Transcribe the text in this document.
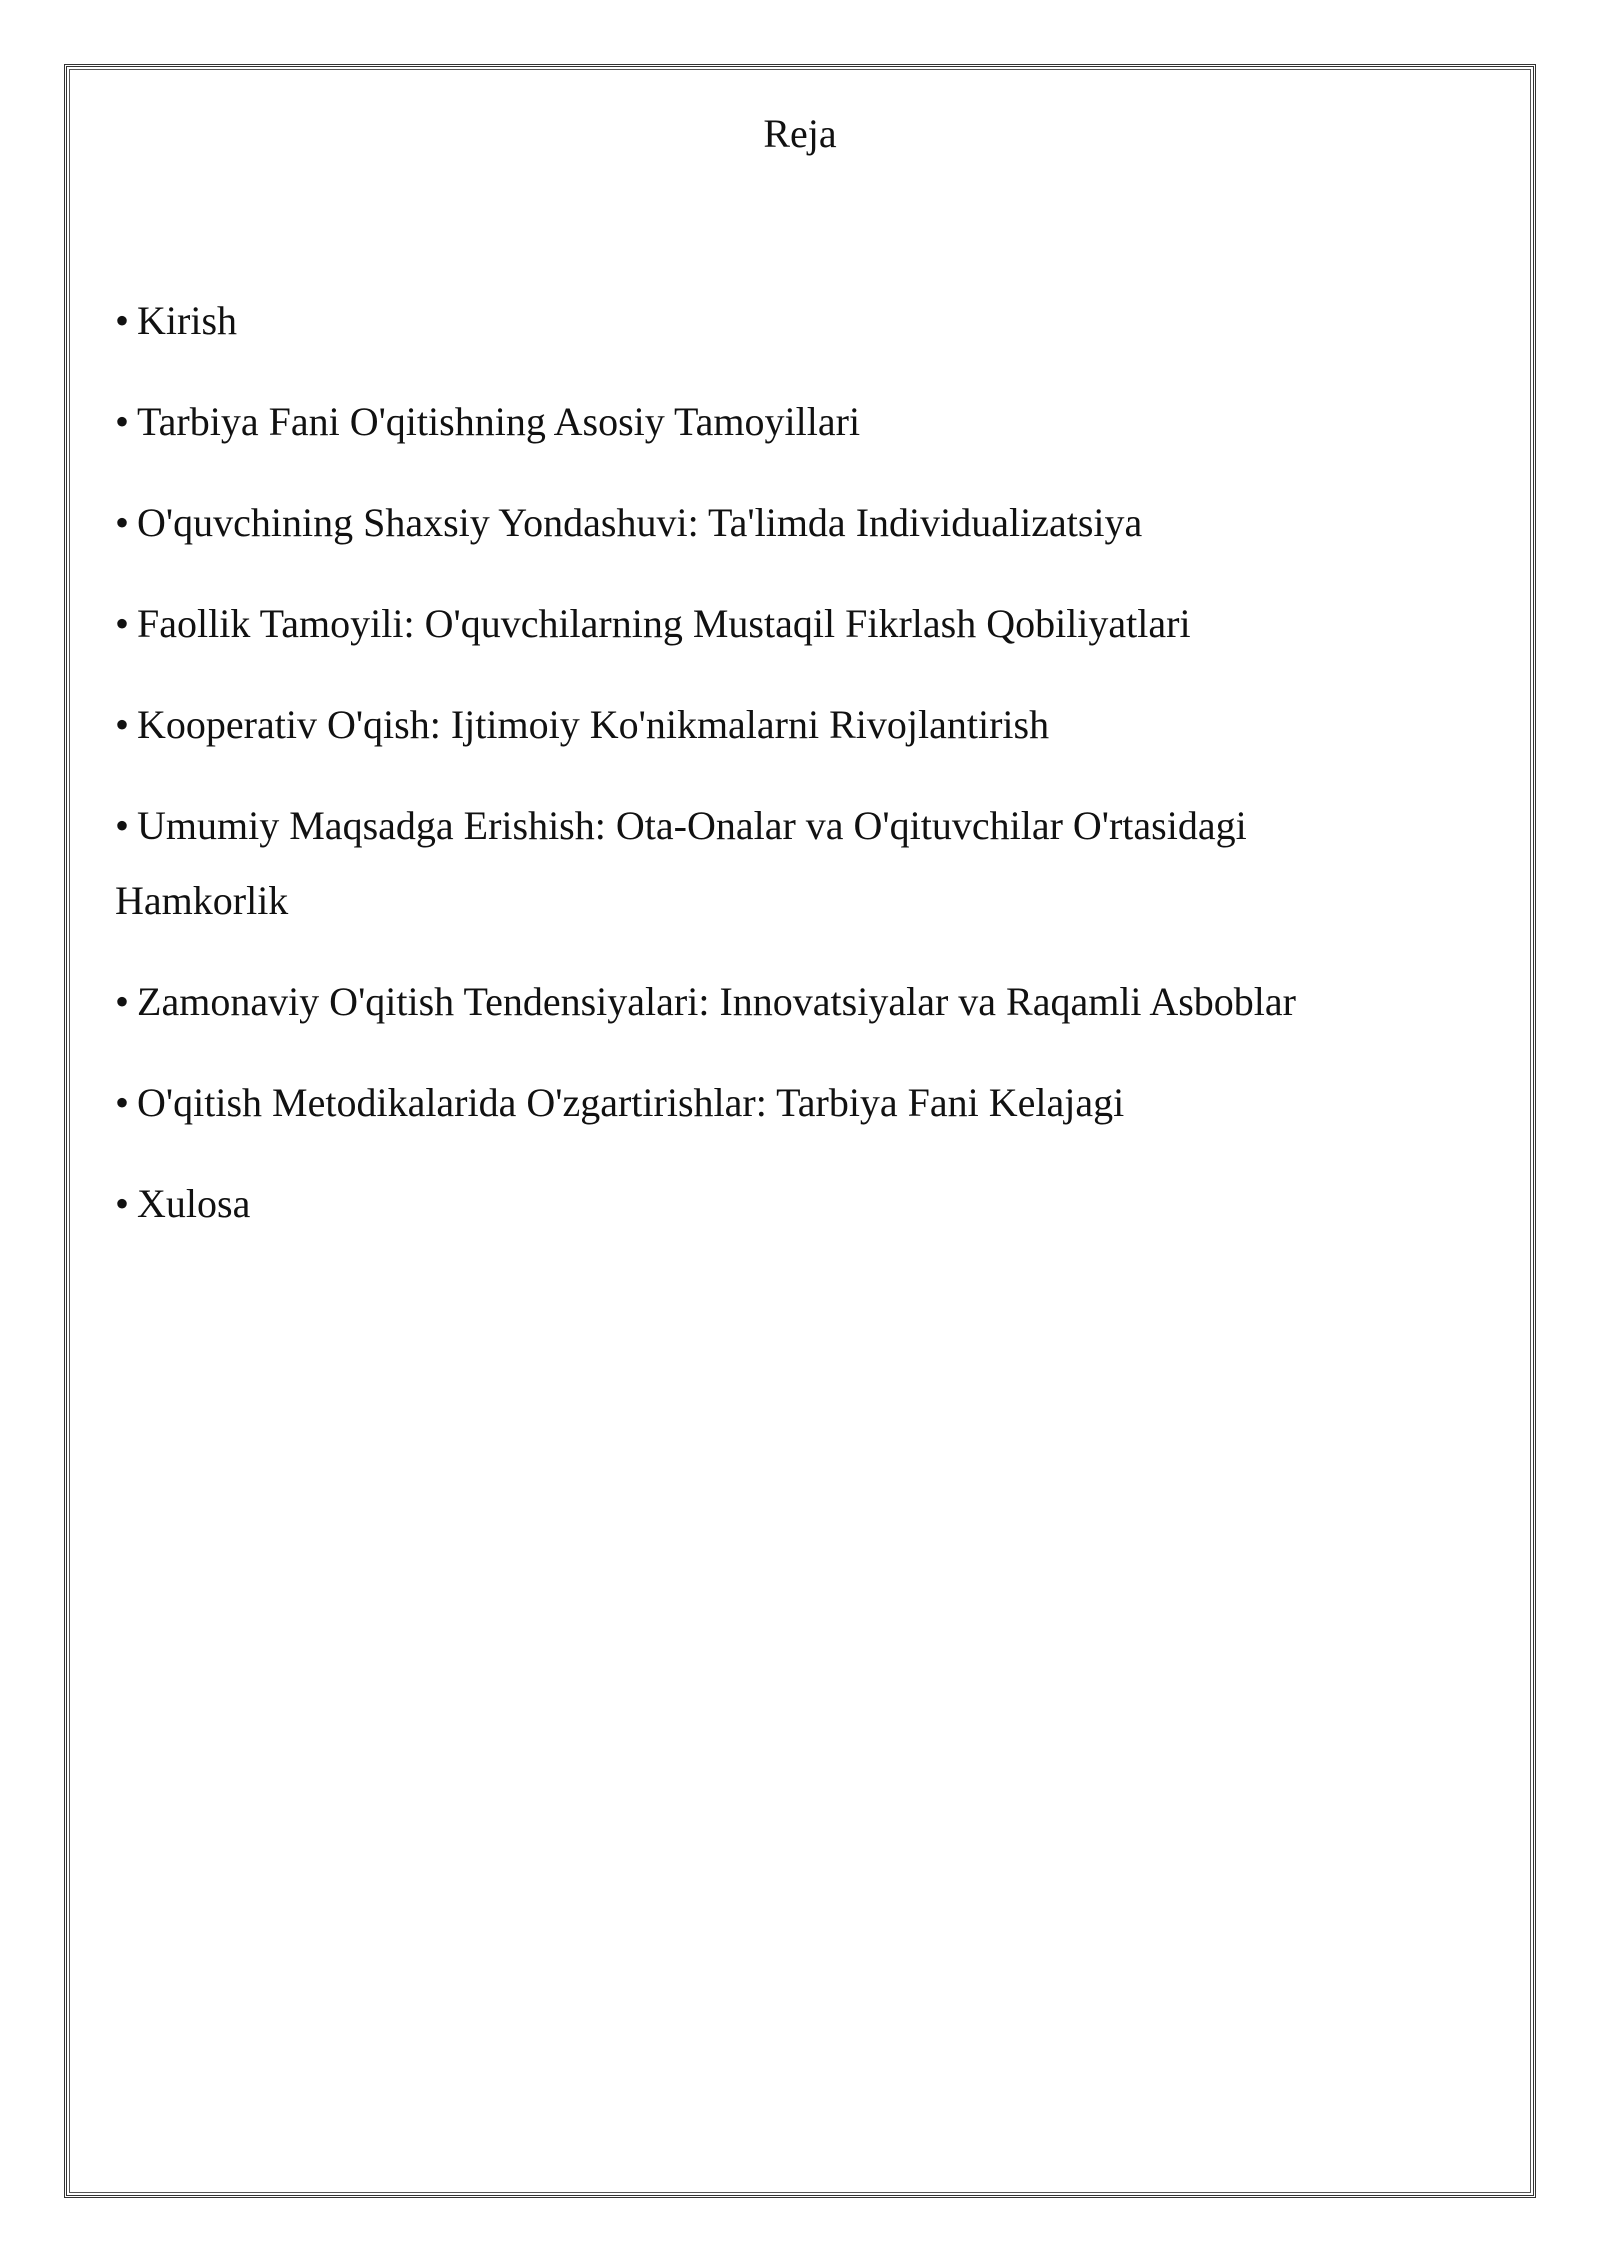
Reja
• Kirish
• Tarbiya Fani O'qitishning Asosiy Tamoyillari
• O'quvchining Shaxsiy Yondashuvi: Ta'limda Individualizatsiya
• Faollik Tamoyili: O'quvchilarning Mustaqil Fikrlash Qobiliyatlari
• Kooperativ O'qish: Ijtimoiy Ko'nikmalarni Rivojlantirish
• Umumiy Maqsadga Erishish: Ota-Onalar va O'qituvchilar O'rtasidagi Hamkorlik
• Zamonaviy O'qitish Tendensiyalari: Innovatsiyalar va Raqamli Asboblar
• O'qitish Metodikalarida O'zgartirishlar: Tarbiya Fani Kelajagi
• Xulosa
